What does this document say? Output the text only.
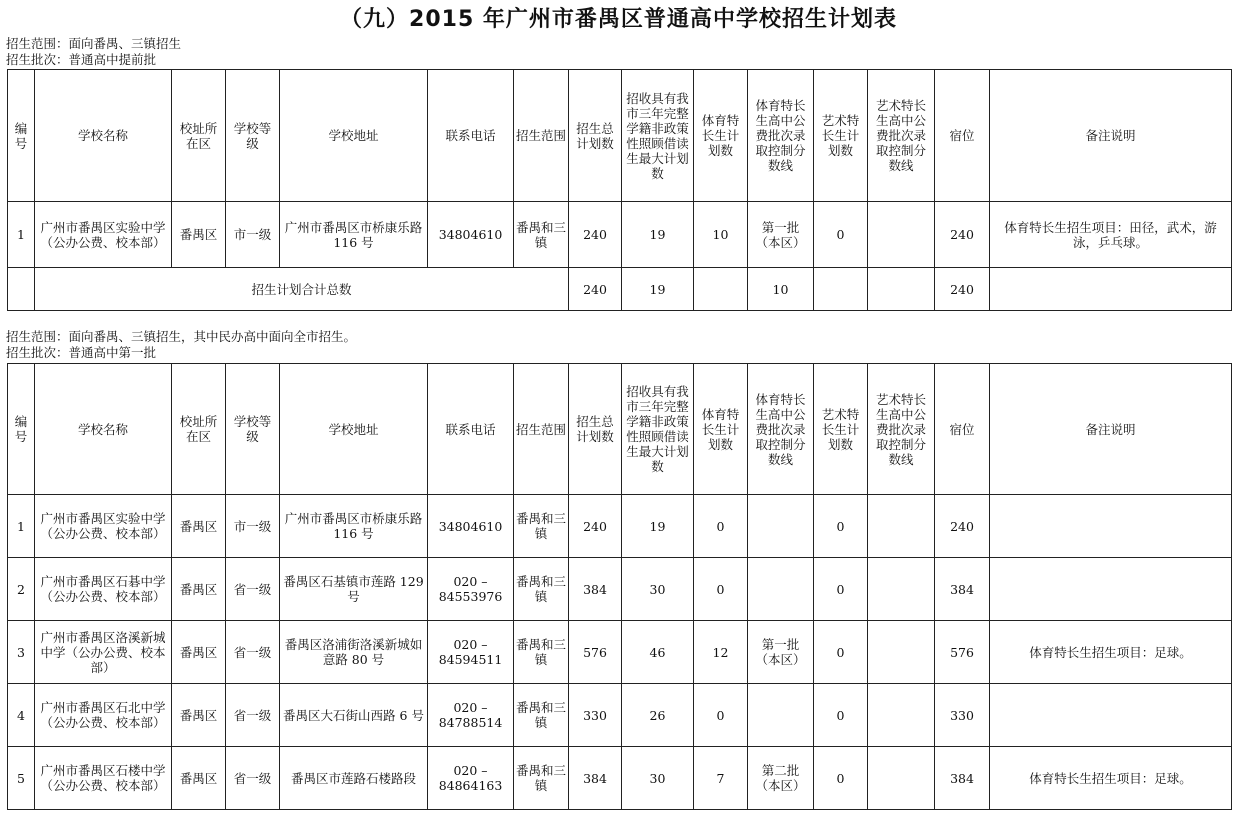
（九）2015 年广州市番禺区普通高中学校招生计划表
招生范围：面向番禺、三镇招生
招生批次：普通高中提前批
编号	学校名称	校址所在区	学校等级	学校地址	联系电话	招生范围	招生总计划数	招收具有我市三年完整学籍非政策性照顾借读生最大计划数	体育特长生计划数	体育特长生高中公费批次录取控制分数线	艺术特长生计划数	艺术特长生高中公费批次录取控制分数线	宿位	备注说明
1	广州市番禺区实验中学（公办公费、校本部）	番禺区	市一级	广州市番禺区市桥康乐路 116 号	34804610	番禺和三镇	240	19	10	第一批（本区）	0		240	体育特长生招生项目：田径，武术，游泳，乒乓球。
	招生计划合计总数						240	19		10			240	
招生范围：面向番禺、三镇招生，其中民办高中面向全市招生。
招生批次：普通高中第一批
编号	学校名称	校址所在区	学校等级	学校地址	联系电话	招生范围	招生总计划数	招收具有我市三年完整学籍非政策性照顾借读生最大计划数	体育特长生计划数	体育特长生高中公费批次录取控制分数线	艺术特长生计划数	艺术特长生高中公费批次录取控制分数线	宿位	备注说明
1	广州市番禺区实验中学（公办公费、校本部）	番禺区	市一级	广州市番禺区市桥康乐路 116 号	34804610	番禺和三镇	240	19	0		0		240	
2	广州市番禺区石碁中学（公办公费、校本部）	番禺区	省一级	番禺区石基镇市莲路 129 号	020 – 84553976	番禺和三镇	384	30	0		0		384	
3	广州市番禺区洛溪新城中学（公办公费、校本部）	番禺区	省一级	番禺区洛浦街洛溪新城如意路 80 号	020 – 84594511	番禺和三镇	576	46	12	第一批（本区）	0		576	体育特长生招生项目：足球。
4	广州市番禺区石北中学（公办公费、校本部）	番禺区	省一级	番禺区大石街山西路 6 号	020 – 84788514	番禺和三镇	330	26	0		0		330	
5	广州市番禺区石楼中学（公办公费、校本部）	番禺区	省一级	番禺区市莲路石楼路段	020 – 84864163	番禺和三镇	384	30	7	第二批（本区）	0		384	体育特长生招生项目：足球。
